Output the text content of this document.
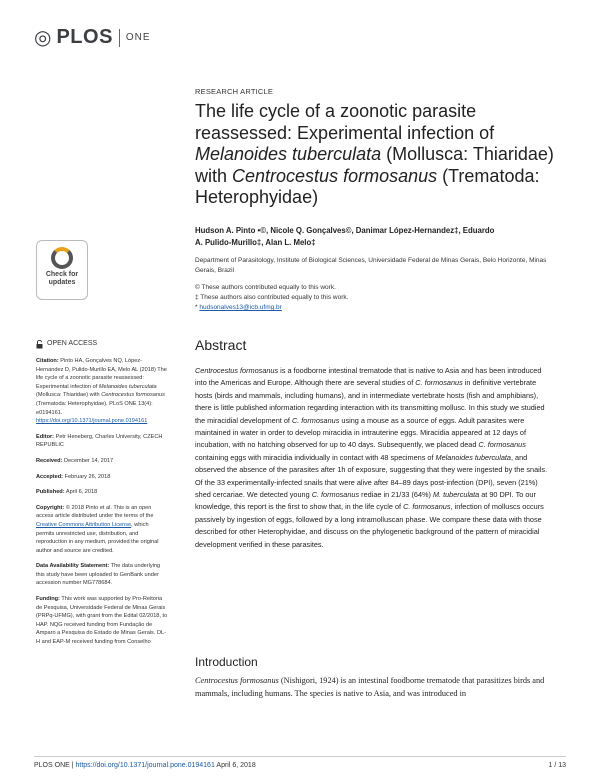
◎ PLOS ONE
RESEARCH ARTICLE
The life cycle of a zoonotic parasite reassessed: Experimental infection of Melanoides tuberculata (Mollusca: Thiaridae) with Centrocestus formosanus (Trematoda: Heterophyidae)
Hudson A. Pinto •©, Nicole Q. Gonçalves©, Danimar López-Hernandez‡, Eduardo
A. Pulido-Murillo‡, Alan L. Melo‡
Department of Parasitology, Institute of Biological Sciences, Universidade Federal de Minas Gerais, Belo Horizonte, Minas Gerais, Brazil
© These authors contributed equally to this work.
‡ These authors also contributed equally to this work.
* hudsonalves13@icb.ufmg.br
Check for
updates
OPEN ACCESS

Citation: Pinto HA, Gonçalves NQ, López-Hernandez D, Pulido-Murillo EA, Melo AL (2018) The life cycle of a zoonotic parasite reassessed: Experimental infection of Melanoides tuberculata (Mollusca: Thiaridae) with Centrocestus formosanus (Trematoda: Heterophyidae). PLoS ONE 13(4): e0194161. https://doi.org/10.1371/journal.pone.0194161

Editor: Petr Heneberg, Charles University, CZECH REPUBLIC

Received: December 14, 2017

Accepted: February 26, 2018

Published: April 6, 2018

Copyright: © 2018 Pinto et al. This is an open access article distributed under the terms of the Creative Commons Attribution License, which permits unrestricted use, distribution, and reproduction in any medium, provided the original author and source are credited.

Data Availability Statement: The data underlying this study have been uploaded to GenBank under accession number MG778684.

Funding: This work was supported by Pro-Reitoria de Pesquisa, Universidade Federal de Minas Gerais (PRPq-UFMG), with grant from the Edital 02/2018, to HAP. NQG received funding from Fundação de Amparo a Pesquisa do Estado de Minas Gerais. DL-H and EAP-M received funding from Conselho

Abstract
Centrocestus formosanus is a foodborne intestinal trematode that is native to Asia and has been introduced into the Americas and Europe. Although there are several studies of C. formosanus in definitive vertebrate hosts (birds and mammals, including humans), and in intermediate vertebrate hosts (fish and amphibians), there is little published information regarding interaction with its transmitting mollusc. In this study we studied the miracidial development of C. formosanus using a mouse as a source of eggs. Adult parasites were maintained in water in order to develop miracidia in intrauterine eggs. Miracidia appeared at 12 days of incubation, with no hatching observed for up to 40 days. Subsequently, we placed dead C. formosanus containing eggs with miracidia individually in contact with 48 specimens of Melanoides tuberculata, and observed the absence of the parasites after 1h of exposure, suggesting that they were ingested by the snails. Of the 33 experimentally-infected snails that were alive after 84–89 days post-infection (DPI), seven (21%) shed cercariae. We detected young C. formosanus rediae in 21/33 (64%) M. tuberculata at 90 DPI. To our knowledge, this report is the first to show that, in the life cycle of C. formosanus, infection of molluscs occurs passively by ingestion of eggs, followed by a long intramolluscan phase. We compare these data with those described for other Heterophyidae, and discuss on the phylogenetic background of the pattern of miracidial development verified in these parasites.
Introduction
Centrocestus formosanus (Nishigori, 1924) is an intestinal foodborne trematode that parasitizes birds and mammals, including humans. The species is native to Asia, and was introduced in
PLOS ONE | https://doi.org/10.1371/journal.pone.0194161 April 6, 2018	1 / 13
